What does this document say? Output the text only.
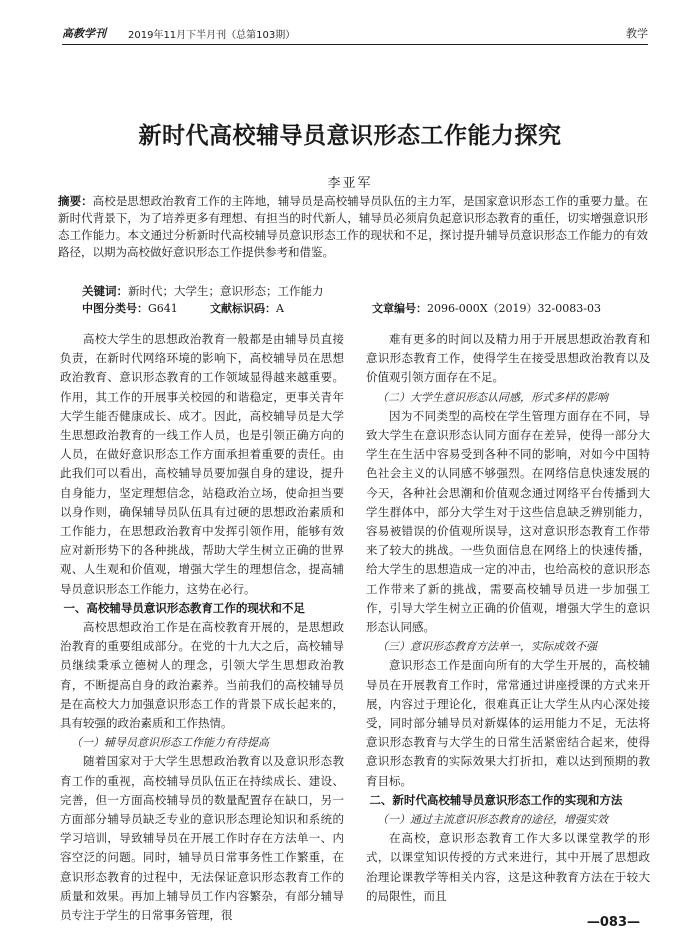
高教学刊 2019年11月下半月刊（总第103期）	教学
新时代高校辅导员意识形态工作能力探究
李亚军
摘要：高校是思想政治教育工作的主阵地，辅导员是高校辅导员队伍的主力军，是国家意识形态工作的重要力量。在新时代背景下，为了培养更多有理想、有担当的时代新人，辅导员必须肩负起意识形态教育的重任，切实增强意识形态工作能力。本文通过分析新时代高校辅导员意识形态工作的现状和不足，探讨提升辅导员意识形态工作能力的有效路径，以期为高校做好意识形态工作提供参考和借鉴。
关键词：新时代；大学生；意识形态；工作能力
中图分类号：G641	文献标识码：A	文章编号：2096-000X（2019）32-0083-03

高校大学生的思想政治教育一般都是由辅导员直接负责，在新时代网络环境的影响下，高校辅导员在思想政治教育、意识形态教育的工作领域显得越来越重要。作用，其工作的开展事关校园的和谐稳定，更事关青年大学生能否健康成长、成才。因此，高校辅导员是大学生思想政治教育的一线工作人员，也是引领正确方向的人员，在做好意识形态工作方面承担着重要的责任。由此我们可以看出，高校辅导员要加强自身的建设，提升自身能力，坚定理想信念，站稳政治立场，使命担当要以身作则，确保辅导员队伍具有过硬的思想政治素质和工作能力，在思想政治教育中发挥引领作用，能够有效应对新形势下的各种挑战，帮助大学生树立正确的世界观、人生观和价值观，增强大学生的理想信念，提高辅导员意识形态工作能力，这势在必行。

一、高校辅导员意识形态教育工作的现状和不足

高校思想政治工作是在高校教育开展的，是思想政治教育的重要组成部分。在党的十九大之后，高校辅导员继续秉承立德树人的理念，引领大学生思想政治教育，不断提高自身的政治素养。当前我们的高校辅导员是在高校大力加强意识形态工作的背景下成长起来的，具有较强的政治素质和工作热情。

（一）辅导员意识形态工作能力有待提高

随着国家对于大学生思想政治教育以及意识形态教育工作的重视，高校辅导员队伍正在持续成长、建设、完善，但一方面高校辅导员的数量配置存在缺口，另一方面部分辅导员缺乏专业的意识形态理论知识和系统的学习培训，导致辅导员在开展工作时存在方法单一、内容空泛的问题。同时，辅导员日常事务性工作繁重，在意识形态教育的过程中，无法保证意识形态教育工作的质量和效果。再加上辅导员工作内容繁杂，有部分辅导员专注于学生的日常事务管理，很

难有更多的时间以及精力用于开展思想政治教育和意识形态教育工作，使得学生在接受思想政治教育以及价值观引领方面存在不足。

（二）大学生意识形态认同感，形式多样的影响

因为不同类型的高校在学生管理方面存在不同，导致大学生在意识形态认同方面存在差异，使得一部分大学生在生活中容易受到各种不同的影响，对如今中国特色社会主义的认同感不够强烈。在网络信息快速发展的今天，各种社会思潮和价值观念通过网络平台传播到大学生群体中，部分大学生对于这些信息缺乏辨别能力，容易被错误的价值观所误导，这对意识形态教育工作带来了较大的挑战。一些负面信息在网络上的快速传播，给大学生的思想造成一定的冲击，也给高校的意识形态工作带来了新的挑战，需要高校辅导员进一步加强工作，引导大学生树立正确的价值观，增强大学生的意识形态认同感。

（三）意识形态教育方法单一，实际成效不强

意识形态工作是面向所有的大学生开展的，高校辅导员在开展教育工作时，常常通过讲座授课的方式来开展，内容过于理论化，很难真正让大学生从内心深处接受，同时部分辅导员对新媒体的运用能力不足，无法将意识形态教育与大学生的日常生活紧密结合起来，使得意识形态教育的实际效果大打折扣，难以达到预期的教育目标。

二、新时代高校辅导员意识形态工作的实现和方法
（一）通过主流意识形态教育的途径，增强实效

在高校，意识形态教育工作大多以课堂教学的形式，以课堂知识传授的方式来进行，其中开展了思想政治理论课教学等相关内容，这是这种教育方法在于较大的局限性，而且

—083—
